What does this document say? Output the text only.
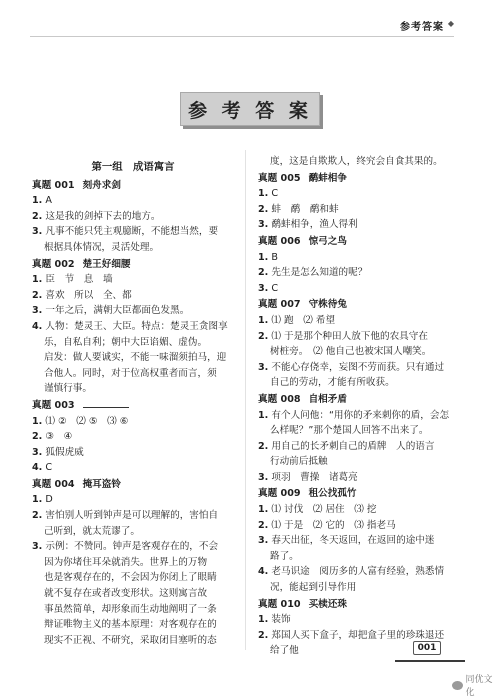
参考答案 ◆
参 考 答 案
第一组　成语寓言
真题 001 刻舟求剑
1. A
2. 这是我的剑掉下去的地方。
3. 凡事不能只凭主观臆断，不能想当然，要
根据具体情况，灵活处理。
真题 002 楚王好细腰
1. 臣　节　息　墙
2. 喜欢　所以　全、都
3. 一年之后，满朝大臣都面色发黑。
4. 人物：楚灵王、大臣。特点：楚灵王贪图享
乐，自私自利；朝中大臣谄媚、虚伪。
启发：做人要诚实，不能一味溜须拍马，迎
合他人。同时，对于位高权重者而言，须
谨慎行事。
真题 003
1. ⑴ ②　⑵ ⑤　⑶ ⑥
2. ③　④
3. 狐假虎威
4. C
真题 004 掩耳盗铃
1. D
2. 害怕别人听到钟声是可以理解的，害怕自
己听到，就太荒谬了。
3. 示例：不赞同。钟声是客观存在的，不会
因为你堵住耳朵就消失。世界上的万物
也是客观存在的，不会因为你闭上了眼睛
就不复存在或者改变形状。这则寓言故
事虽然简单，却形象而生动地阐明了一条
辩证唯物主义的基本原理：对客观存在的
现实不正视、不研究，采取闭目塞听的态
度，这是自欺欺人，终究会自食其果的。
真题 005 鹬蚌相争
1. C
2. 蚌　鹬　鹬和蚌
3. 鹬蚌相争，渔人得利
真题 006 惊弓之鸟
1. B
2. 先生是怎么知道的呢？
3. C
真题 007 守株待兔
1. ⑴ 跑　⑵ 希望
2. ⑴ 于是那个种田人放下他的农具守在
树桩旁。　⑵ 他自己也被宋国人嘲笑。
3. 不能心存侥幸，妄图不劳而获。只有通过
自己的劳动，才能有所收获。
真题 008 自相矛盾
1. 有个人问他：“用你的矛来刺你的盾，会怎
么样呢？”那个楚国人回答不出来了。
2. 用自己的长矛刺自己的盾牌　人的语言
行动前后抵触
3. 项羽　曹操　诸葛亮
真题 009 租公找孤竹
1. ⑴ 讨伐　⑵ 居住　⑶ 挖
2. ⑴ 于是　⑵ 它的　⑶ 指老马
3. 春天出征，冬天返回，在返回的途中迷
路了。
4. 老马识途　阅历多的人富有经验，熟悉情
况，能起到引导作用
真题 010 买椟还珠
1. 装饰
2. 郑国人买下盒子，却把盒子里的珍珠退还
给了他	001
同优文化
